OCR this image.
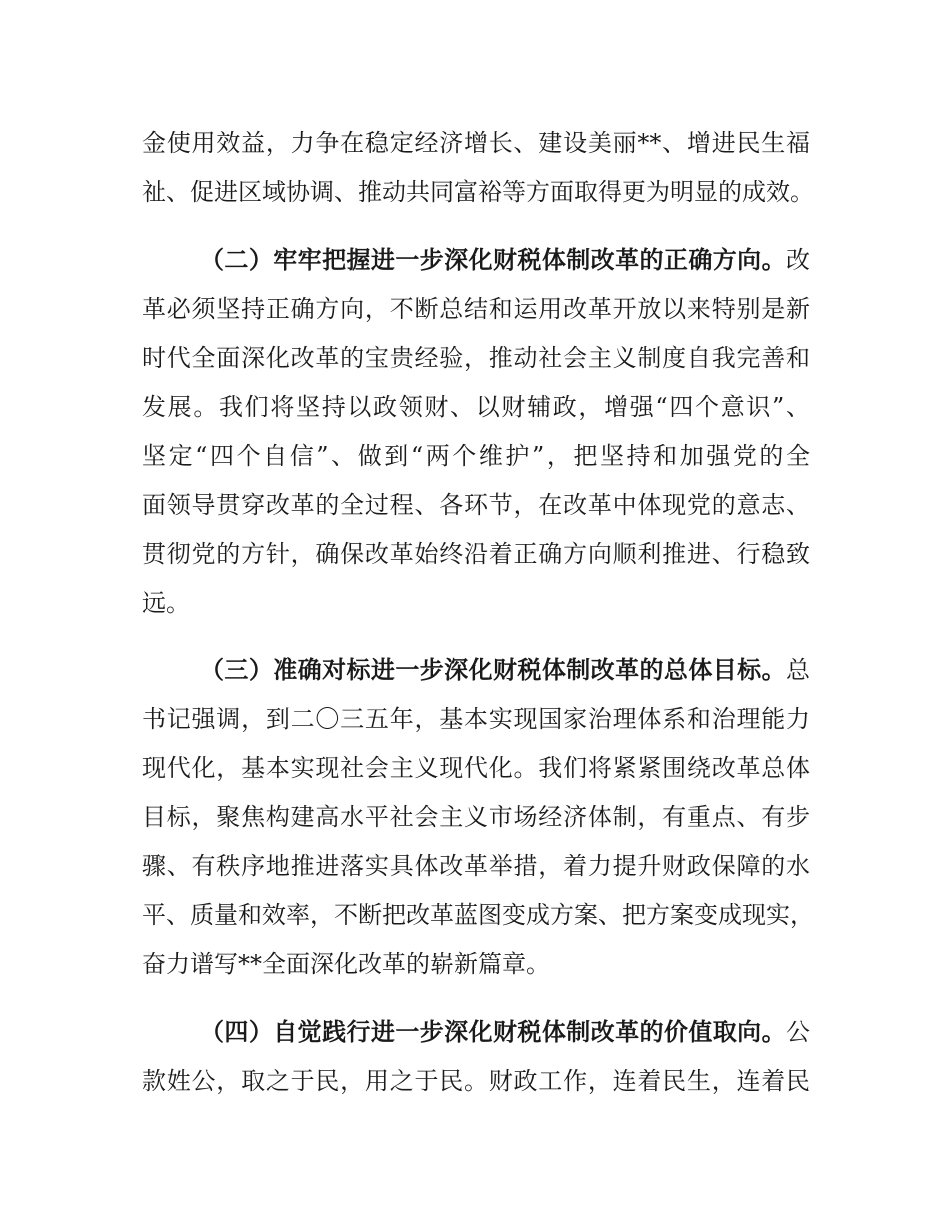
金使用效益，力争在稳定经济增长、建设美丽**、增进民生福
祉、促进区域协调、推动共同富裕等方面取得更为明显的成效。
（二）牢牢把握进一步深化财税体制改革的正确方向。改
革必须坚持正确方向，不断总结和运用改革开放以来特别是新
时代全面深化改革的宝贵经验，推动社会主义制度自我完善和
发展。我们将坚持以政领财、以财辅政，增强“四个意识”、
坚定“四个自信”、做到“两个维护”，把坚持和加强党的全
面领导贯穿改革的全过程、各环节，在改革中体现党的意志、
贯彻党的方针，确保改革始终沿着正确方向顺利推进、行稳致
远。
（三）准确对标进一步深化财税体制改革的总体目标。总
书记强调，到二〇三五年，基本实现国家治理体系和治理能力
现代化，基本实现社会主义现代化。我们将紧紧围绕改革总体
目标，聚焦构建高水平社会主义市场经济体制，有重点、有步
骤、有秩序地推进落实具体改革举措，着力提升财政保障的水
平、质量和效率，不断把改革蓝图变成方案、把方案变成现实，
奋力谱写**全面深化改革的崭新篇章。
（四）自觉践行进一步深化财税体制改革的价值取向。公
款姓公，取之于民，用之于民。财政工作，连着民生，连着民
